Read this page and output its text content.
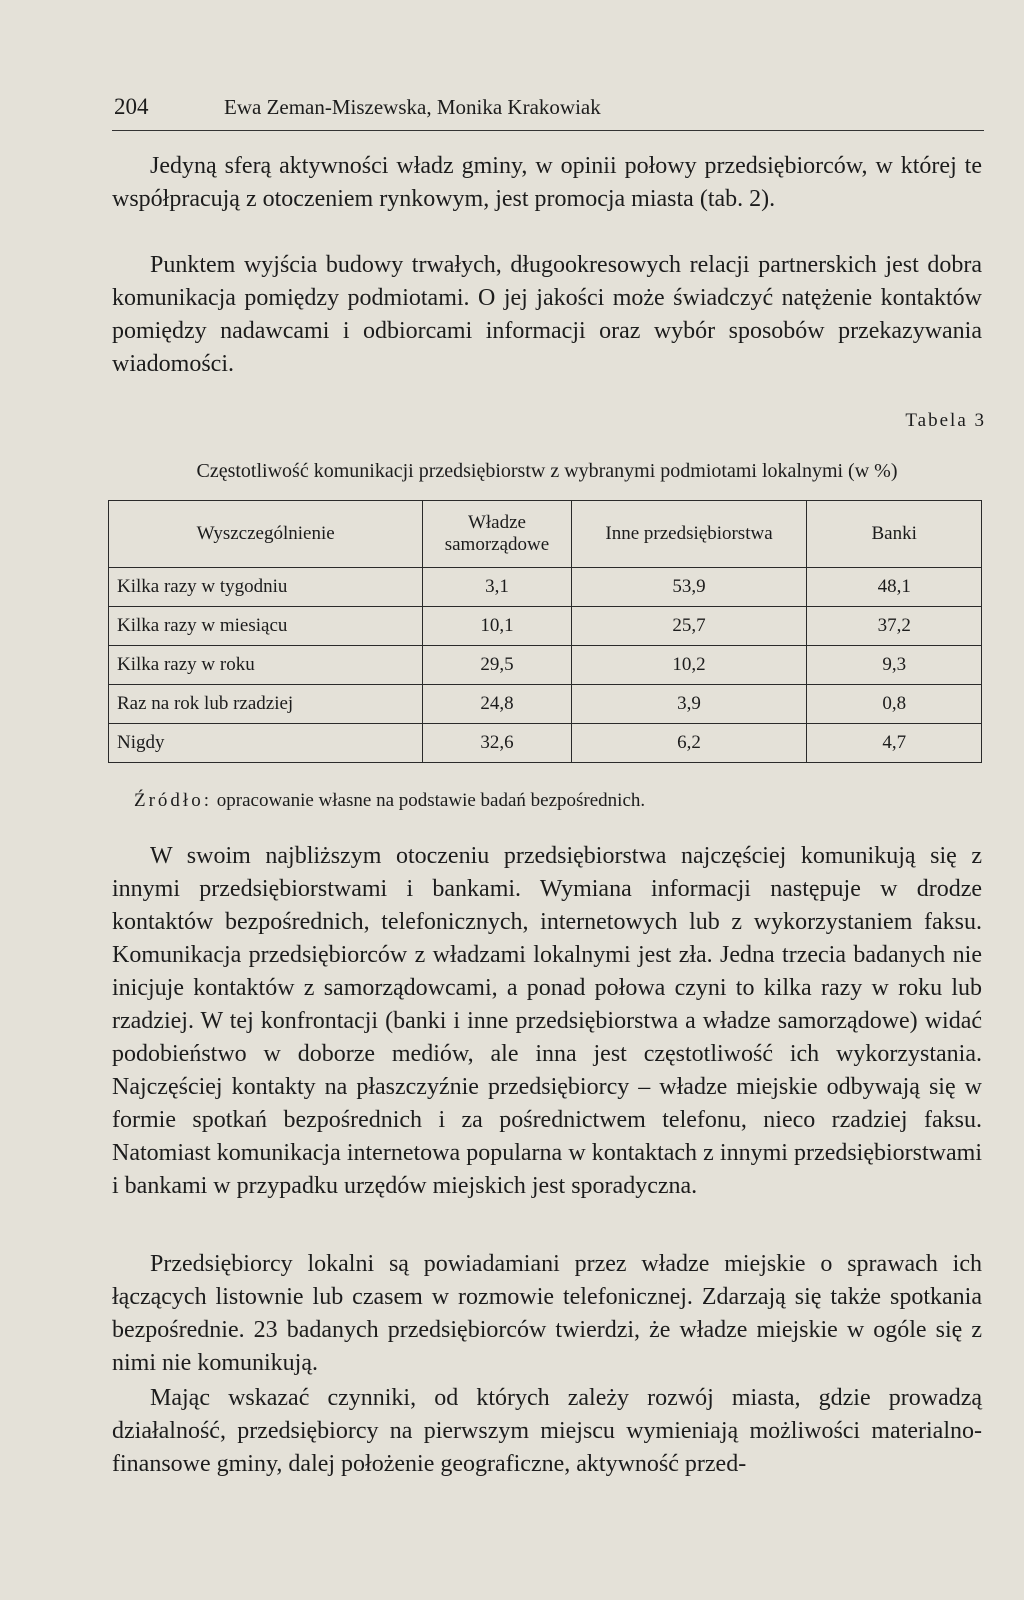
204	Ewa Zeman-Miszewska, Monika Krakowiak

Jedyną sferą aktywności władz gminy, w opinii połowy przedsiębiorców, w której te współpracują z otoczeniem rynkowym, jest promocja miasta (tab. 2).

Punktem wyjścia budowy trwałych, długookresowych relacji partnerskich jest dobra komunikacja pomiędzy podmiotami. O jej jakości może świadczyć natężenie kontaktów pomiędzy nadawcami i odbiorcami informacji oraz wybór sposobów przekazywania wiadomości.

Tabela 3

Częstotliwość komunikacji przedsiębiorstw z wybranymi podmiotami lokalnymi (w %)

Wyszczególnienie	Władze samorządowe	Inne przedsiębiorstwa	Banki
Kilka razy w tygodniu	3,1	53,9	48,1
Kilka razy w miesiącu	10,1	25,7	37,2
Kilka razy w roku	29,5	10,2	9,3
Raz na rok lub rzadziej	24,8	3,9	0,8
Nigdy	32,6	6,2	4,7

Źródło: opracowanie własne na podstawie badań bezpośrednich.

W swoim najbliższym otoczeniu przedsiębiorstwa najczęściej komunikują się z innymi przedsiębiorstwami i bankami. Wymiana informacji następuje w drodze kontaktów bezpośrednich, telefonicznych, internetowych lub z wykorzystaniem faksu. Komunikacja przedsiębiorców z władzami lokalnymi jest zła. Jedna trzecia badanych nie inicjuje kontaktów z samorządowcami, a ponad połowa czyni to kilka razy w roku lub rzadziej. W tej konfrontacji (banki i inne przedsiębiorstwa a władze samorządowe) widać podobieństwo w doborze mediów, ale inna jest częstotliwość ich wykorzystania. Najczęściej kontakty na płaszczyźnie przedsiębiorcy – władze miejskie odbywają się w formie spotkań bezpośrednich i za pośrednictwem telefonu, nieco rzadziej faksu. Natomiast komunikacja internetowa popularna w kontaktach z innymi przedsiębiorstwami i bankami w przypadku urzędów miejskich jest sporadyczna.

Przedsiębiorcy lokalni są powiadamiani przez władze miejskie o sprawach ich łączących listownie lub czasem w rozmowie telefonicznej. Zdarzają się także spotkania bezpośrednie. 23 badanych przedsiębiorców twierdzi, że władze miejskie w ogóle się z nimi nie komunikują.

Mając wskazać czynniki, od których zależy rozwój miasta, gdzie prowadzą działalność, przedsiębiorcy na pierwszym miejscu wymieniają możliwości materialno-finansowe gminy, dalej położenie geograficzne, aktywność przed-
